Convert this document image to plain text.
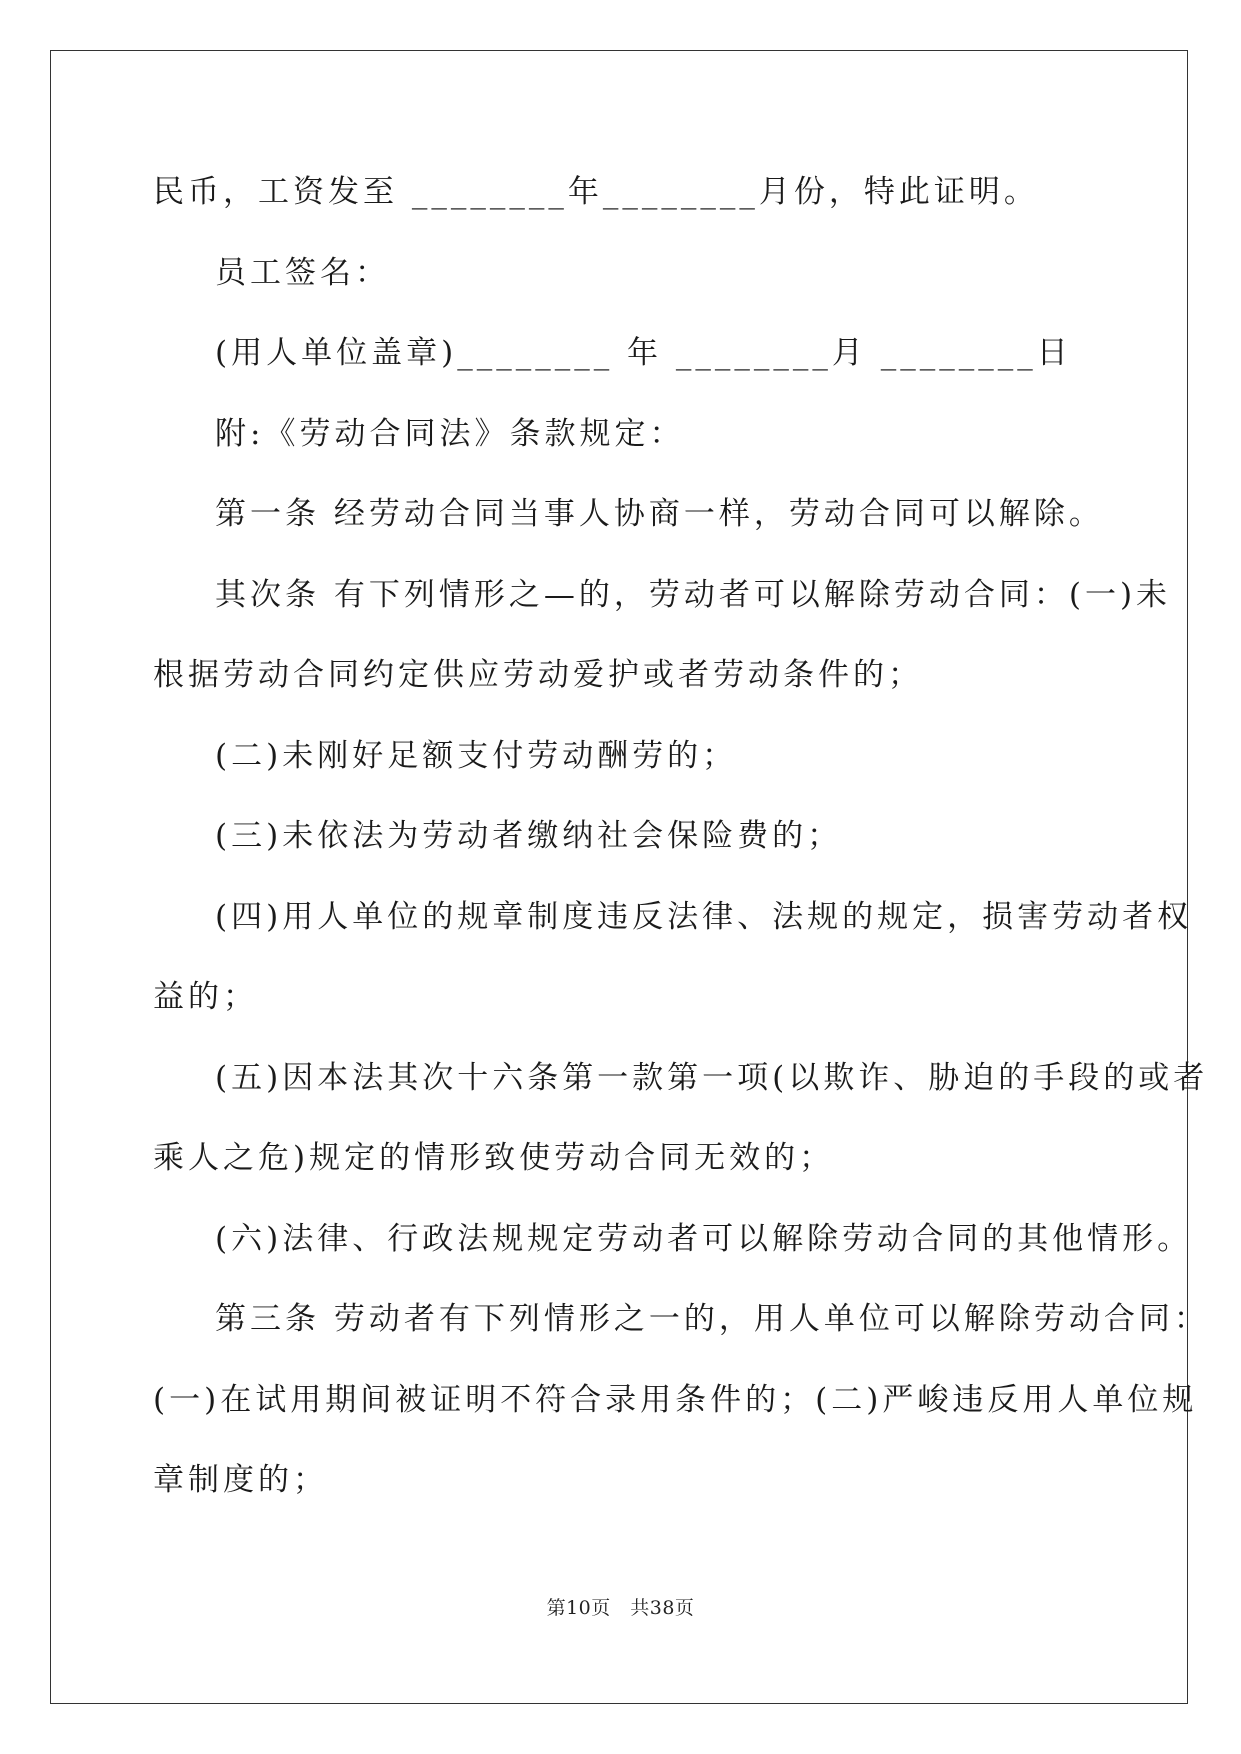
民币，工资发至 ________年________月份，特此证明。
员工签名：
(用人单位盖章)________ 年 ________月 ________日
附:《劳动合同法》条款规定：
第一条 经劳动合同当事人协商一样，劳动合同可以解除。
其次条 有下列情形之—的，劳动者可以解除劳动合同：(一)未
根据劳动合同约定供应劳动爱护或者劳动条件的；
(二)未刚好足额支付劳动酬劳的；
(三)未依法为劳动者缴纳社会保险费的；
(四)用人单位的规章制度违反法律、法规的规定，损害劳动者权
益的；
(五)因本法其次十六条第一款第一项(以欺诈、胁迫的手段的或者
乘人之危)规定的情形致使劳动合同无效的；
(六)法律、行政法规规定劳动者可以解除劳动合同的其他情形。
第三条 劳动者有下列情形之一的，用人单位可以解除劳动合同：
(一)在试用期间被证明不符合录用条件的；(二)严峻违反用人单位规
章制度的；
第10页　共38页
